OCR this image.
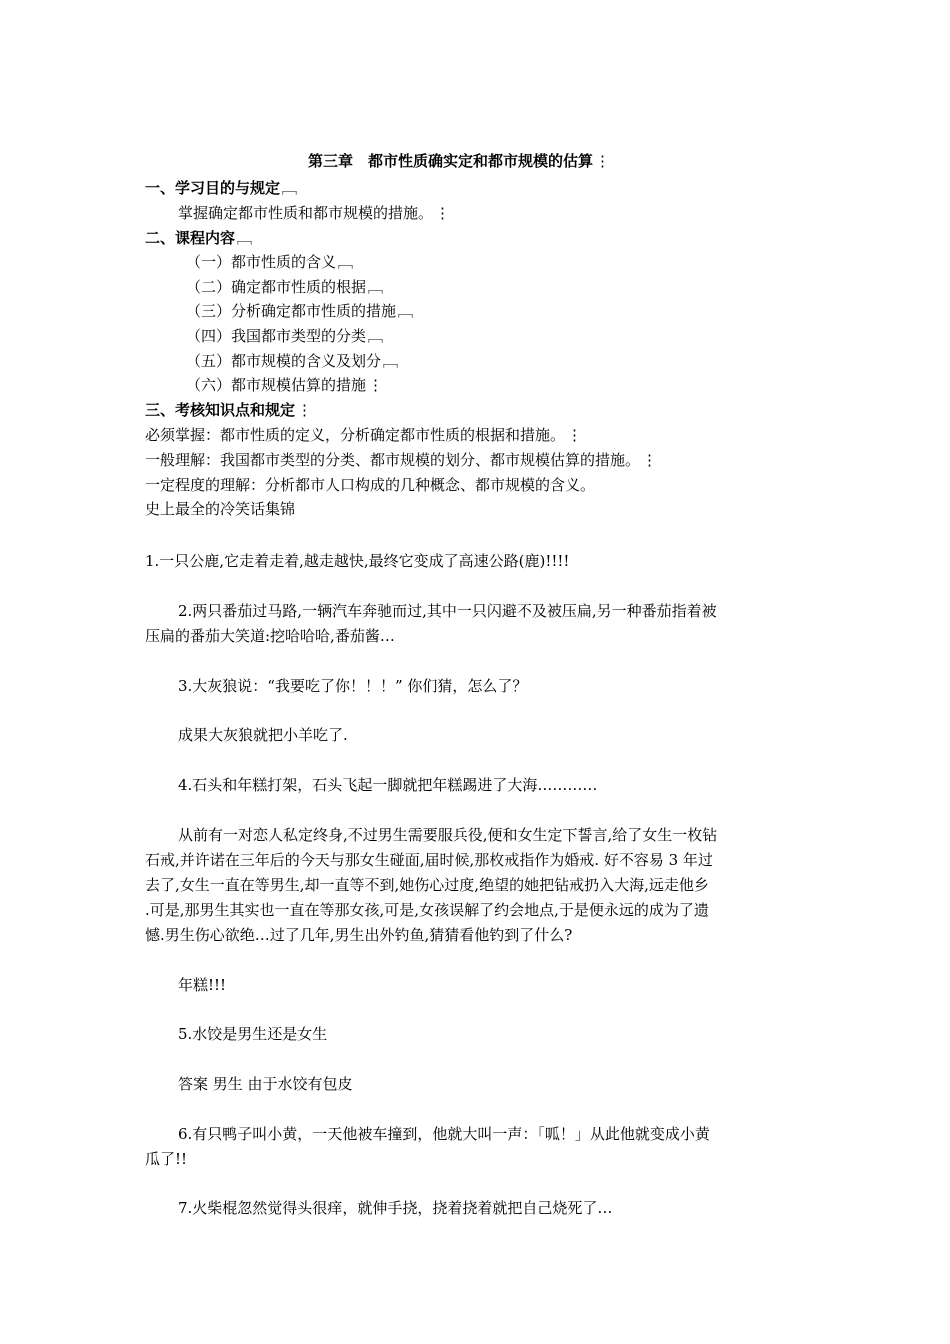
第三章　都市性质确实定和都市规模的估算 ⋮
一、学习目的与规定 ﹇
掌握确定都市性质和都市规模的措施。 ⋮
二、课程内容 ﹇
（一）都市性质的含义 ﹇
（二）确定都市性质的根据 ﹇
（三）分析确定都市性质的措施 ﹇
（四）我国都市类型的分类 ﹇
（五）都市规模的含义及划分 ﹇
（六）都市规模估算的措施 ⋮
三、考核知识点和规定 ⋮
必须掌握：都市性质的定义，分析确定都市性质的根据和措施。 ⋮
一般理解：我国都市类型的分类、都市规模的划分、都市规模估算的措施。 ⋮
一定程度的理解：分析都市人口构成的几种概念、都市规模的含义。
史上最全的冷笑话集锦
1.一只公鹿,它走着走着,越走越快,最终它变成了高速公路(鹿)!!!!
2.两只番茄过马路,一辆汽车奔驰而过,其中一只闪避不及被压扁,另一种番茄指着被
压扁的番茄大笑道:挖哈哈哈,番茄酱…
3.大灰狼说：“我要吃了你！！！” 你们猜，怎么了？
成果大灰狼就把小羊吃了.
4.石头和年糕打架，石头飞起一脚就把年糕踢进了大海…………
从前有一对恋人私定终身,不过男生需要服兵役,便和女生定下誓言,给了女生一枚钻
石戒,并许诺在三年后的今天与那女生碰面,届时候,那枚戒指作为婚戒. 好不容易 3 年过
去了,女生一直在等男生,却一直等不到,她伤心过度,绝望的她把钻戒扔入大海,远走他乡
.可是,那男生其实也一直在等那女孩,可是,女孩误解了约会地点,于是便永远的成为了遗
憾.男生伤心欲绝…过了几年,男生出外钓鱼,猜猜看他钓到了什么?
年糕!!!
5.水饺是男生还是女生
答案 男生 由于水饺有包皮
6.有只鸭子叫小黄，一天他被车撞到，他就大叫一声：「呱！」从此他就变成小黄
瓜了!!
7.火柴棍忽然觉得头很痒，就伸手挠，挠着挠着就把自己烧死了…
